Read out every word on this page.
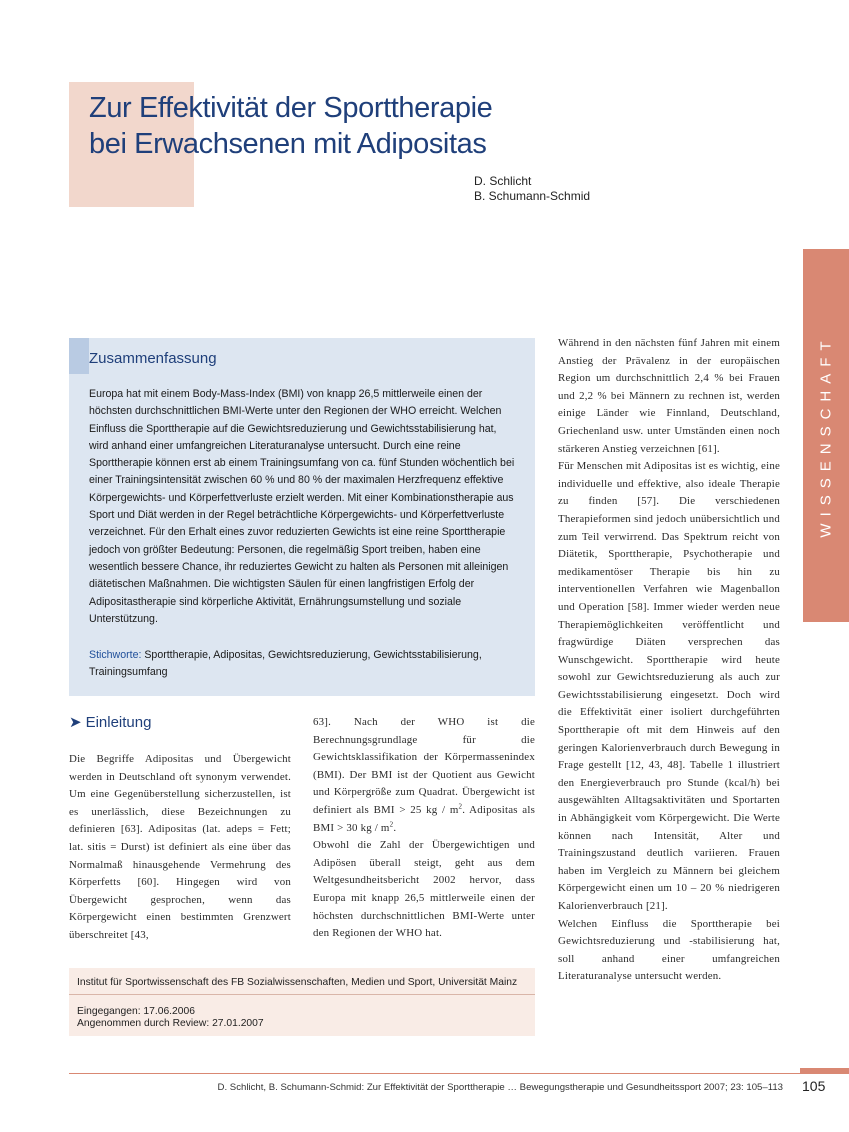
Zur Effektivität der Sporttherapie
bei Erwachsenen mit Adipositas
D. Schlicht
B. Schumann-Schmid
WISSENSCHAFT
Zusammenfassung

Europa hat mit einem Body-Mass-Index (BMI) von knapp 26,5 mittlerweile einen der höchsten durchschnittlichen BMI-Werte unter den Regionen der WHO erreicht. Welchen Einfluss die Sporttherapie auf die Gewichtsreduzierung und Gewichtsstabilisierung hat, wird anhand einer umfangreichen Literaturanalyse untersucht. Durch eine reine Sporttherapie können erst ab einem Trainingsumfang von ca. fünf Stunden wöchentlich bei einer Trainingsintensität zwischen 60 % und 80 % der maximalen Herzfrequenz effektive Körpergewichts- und Körperfettverluste erzielt werden. Mit einer Kombinationstherapie aus Sport und Diät werden in der Regel beträchtliche Körpergewichts- und Körperfettverluste verzeichnet. Für den Erhalt eines zuvor reduzierten Gewichts ist eine reine Sporttherapie jedoch von größter Bedeutung: Personen, die regelmäßig Sport treiben, haben eine wesentlich bessere Chance, ihr reduziertes Gewicht zu halten als Personen mit alleinigen diätetischen Maßnahmen. Die wichtigsten Säulen für einen langfristigen Erfolg der Adipositastherapie sind körperliche Aktivität, Ernährungsumstellung und soziale Unterstützung.

Stichworte: Sporttherapie, Adipositas, Gewichtsreduzierung, Gewichtsstabilisierung, Trainingsumfang

➤ Einleitung

Die Begriffe Adipositas und Übergewicht werden in Deutschland oft synonym verwendet. Um eine Gegenüberstellung sicherzustellen, ist es unerlässlich, diese Bezeichnungen zu definieren [63]. Adipositas (lat. adeps = Fett; lat. sitis = Durst) ist definiert als eine über das Normalmaß hinausgehende Vermehrung des Körperfetts [60]. Hingegen wird von Übergewicht gesprochen, wenn das Körpergewicht einen bestimmten Grenzwert überschreitet [43,

63]. Nach der WHO ist die Berechnungsgrundlage für die Gewichtsklassifikation der Körpermassenindex (BMI). Der BMI ist der Quotient aus Gewicht und Körpergröße zum Quadrat. Übergewicht ist definiert als BMI > 25 kg / $m^2$. Adipositas als BMI > 30 kg / $m^2$.

Obwohl die Zahl der Übergewichtigen und Adipösen überall steigt, geht aus dem Weltgesundheitsbericht 2002 hervor, dass Europa mit knapp 26,5 mittlerweile einen der höchsten durchschnittlichen BMI-Werte unter den Regionen der WHO hat.

Während in den nächsten fünf Jahren mit einem Anstieg der Prävalenz in der europäischen Region um durchschnittlich 2,4 % bei Frauen und 2,2 % bei Männern zu rechnen ist, werden einige Länder wie Finnland, Deutschland, Griechenland usw. unter Umständen einen noch stärkeren Anstieg verzeichnen [61].

Für Menschen mit Adipositas ist es wichtig, eine individuelle und effektive, also ideale Therapie zu finden [57]. Die verschiedenen Therapieformen sind jedoch unübersichtlich und zum Teil verwirrend. Das Spektrum reicht von Diätetik, Sporttherapie, Psychotherapie und medikamentöser Therapie bis hin zu interventionellen Verfahren wie Magenballon und Operation [58]. Immer wieder werden neue Therapiemöglichkeiten veröffentlicht und fragwürdige Diäten versprechen das Wunschgewicht. Sporttherapie wird heute sowohl zur Gewichtsreduzierung als auch zur Gewichtsstabilisierung eingesetzt. Doch wird die Effektivität einer isoliert durchgeführten Sporttherapie oft mit dem Hinweis auf den geringen Kalorienverbrauch durch Bewegung in Frage gestellt [12, 43, 48]. Tabelle 1 illustriert den Energieverbrauch pro Stunde (kcal/h) bei ausgewählten Alltagsaktivitäten und Sportarten in Abhängigkeit vom Körpergewicht. Die Werte können nach Intensität, Alter und Trainingszustand deutlich variieren. Frauen haben im Vergleich zu Männern bei gleichem Körpergewicht einen um 10 – 20 % niedrigeren Kalorienverbrauch [21].

Welchen Einfluss die Sporttherapie bei Gewichtsreduzierung und -stabilisierung hat, soll anhand einer umfangreichen Literaturanalyse untersucht werden.

Institut für Sportwissenschaft des FB Sozialwissenschaften, Medien und Sport, Universität Mainz
Eingegangen: 17.06.2006
Angenommen durch Review: 27.01.2007
D. Schlicht, B. Schumann-Schmid: Zur Effektivität der Sporttherapie … Bewegungstherapie und Gesundheitssport 2007; 23: 105–113 105
